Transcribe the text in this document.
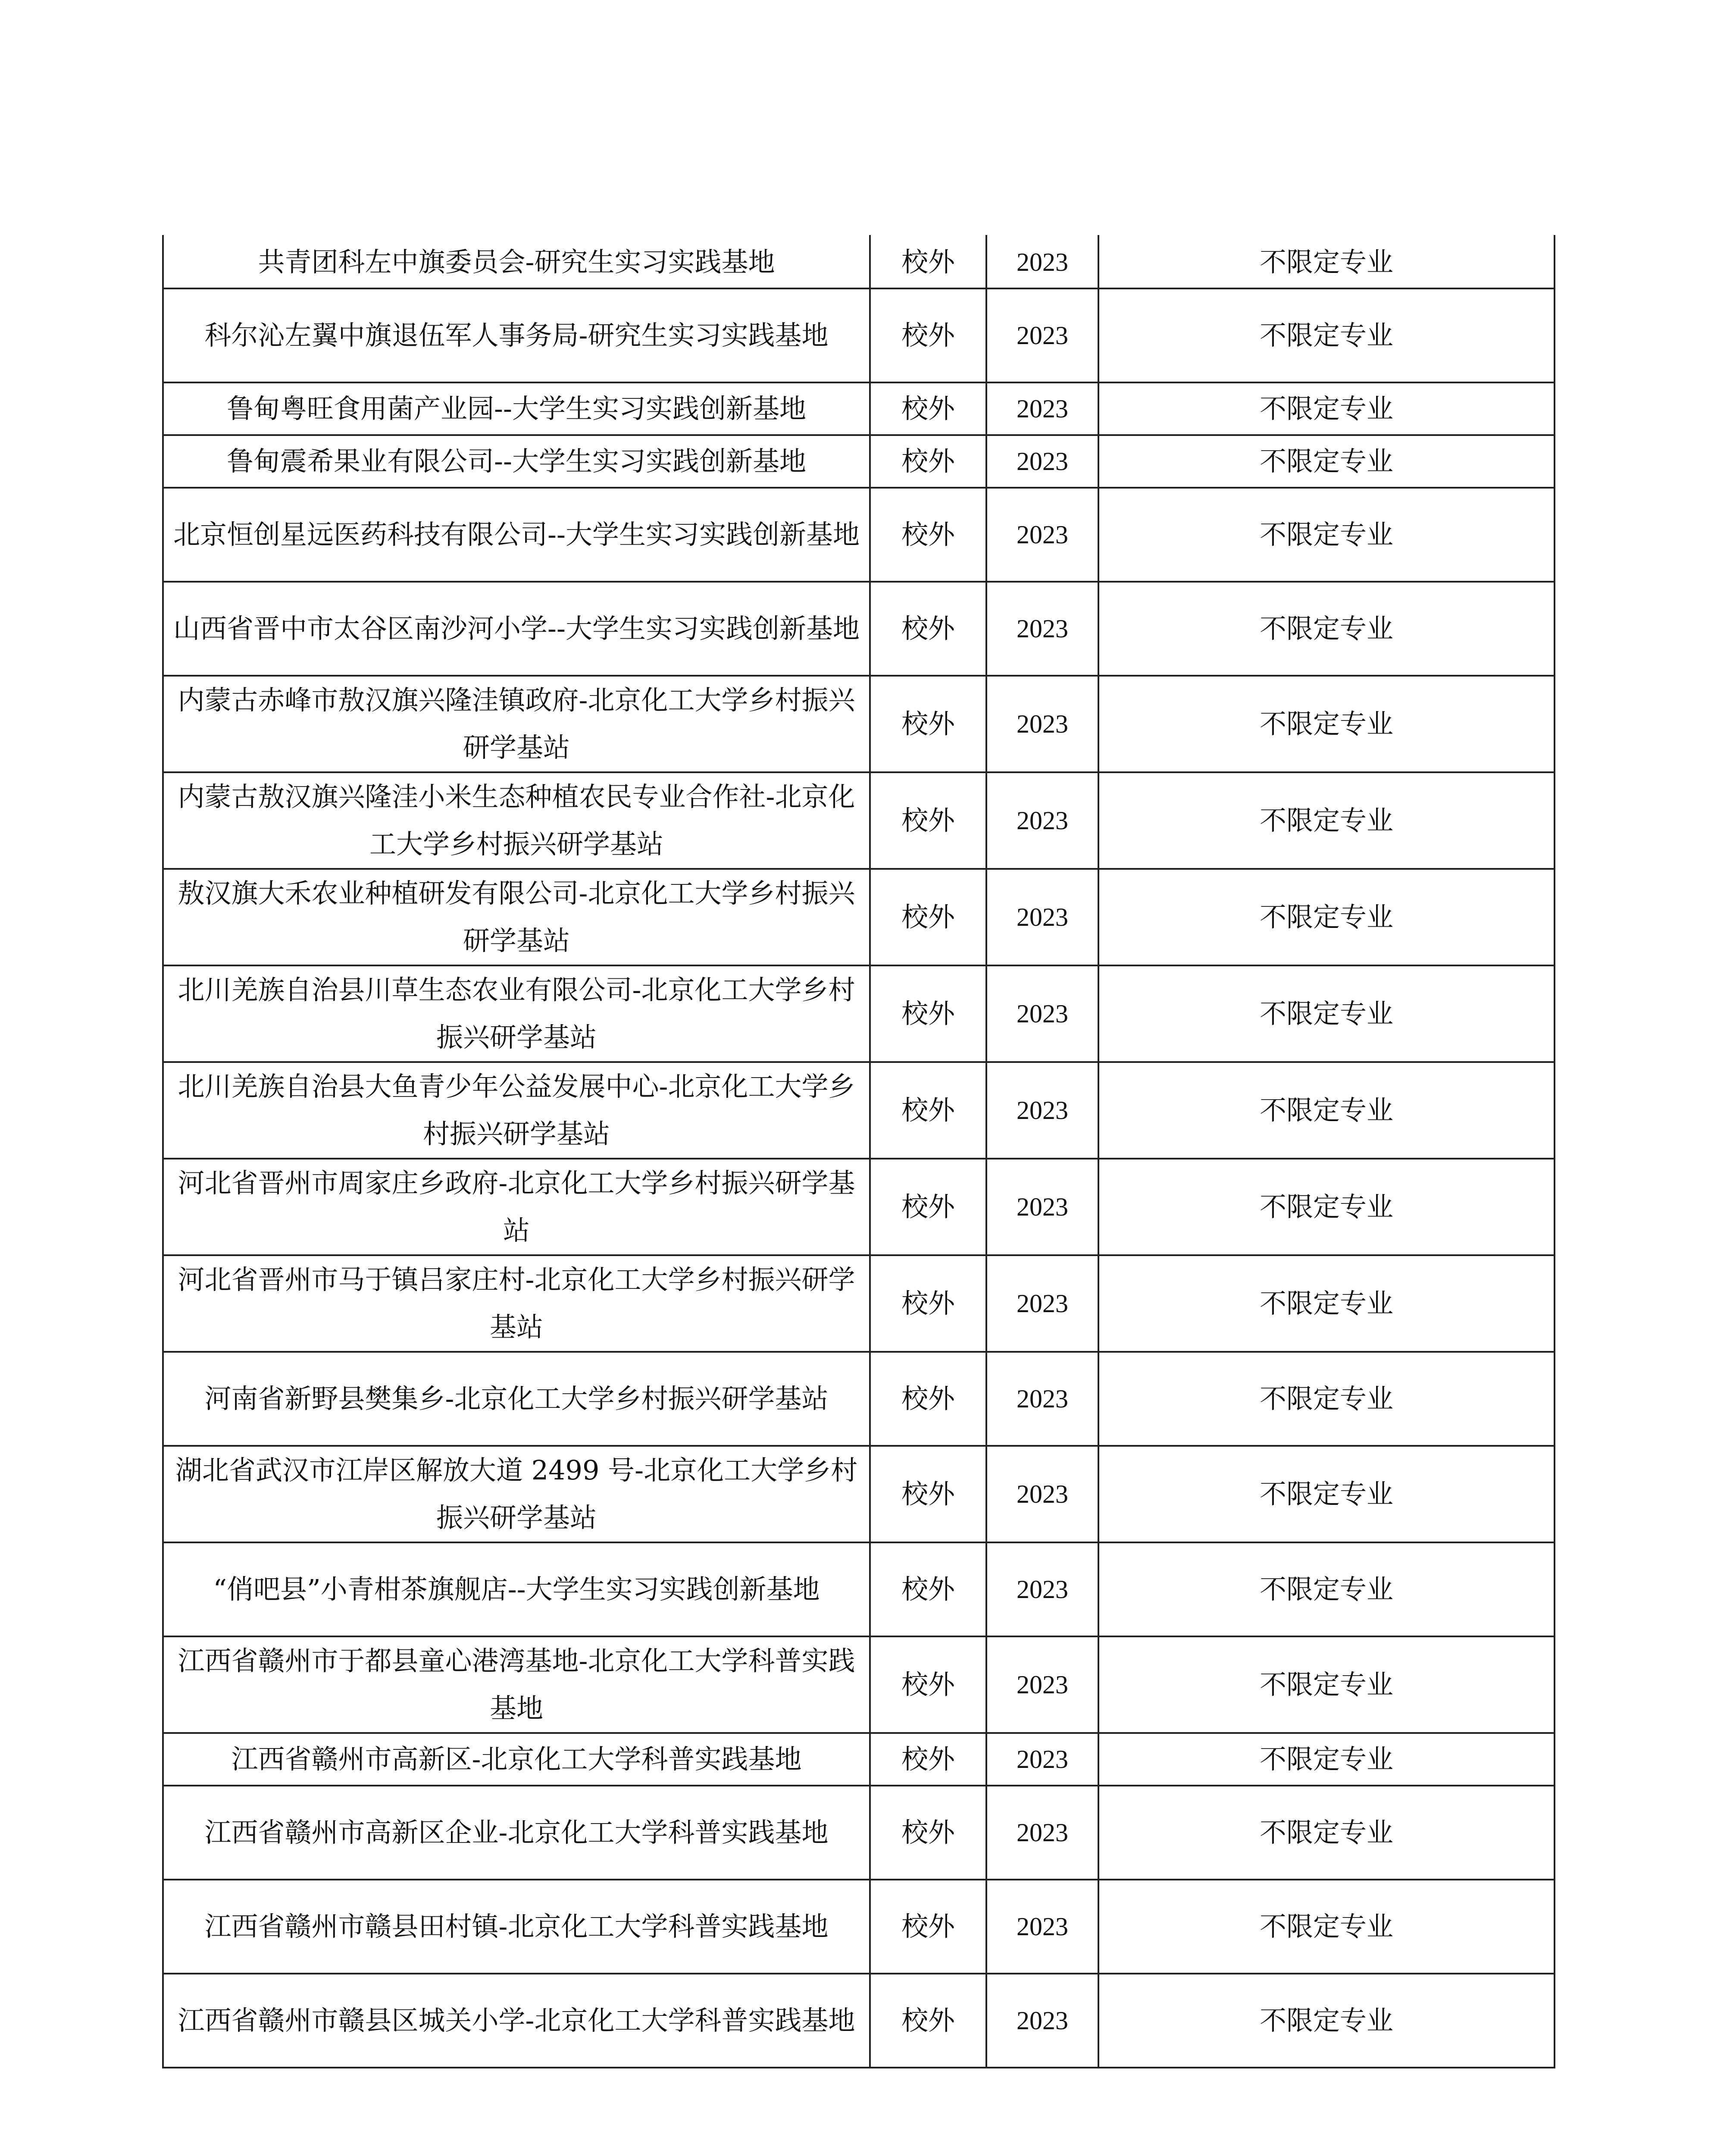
共青团科左中旗委员会-研究生实习实践基地	校外	2023	不限定专业
科尔沁左翼中旗退伍军人事务局-研究生实习实践基地	校外	2023	不限定专业
鲁甸粤旺食用菌产业园--大学生实习实践创新基地	校外	2023	不限定专业
鲁甸震希果业有限公司--大学生实习实践创新基地	校外	2023	不限定专业
北京恒创星远医药科技有限公司--大学生实习实践创新基地	校外	2023	不限定专业
山西省晋中市太谷区南沙河小学--大学生实习实践创新基地	校外	2023	不限定专业
内蒙古赤峰市敖汉旗兴隆洼镇政府-北京化工大学乡村振兴研学基站	校外	2023	不限定专业
内蒙古敖汉旗兴隆洼小米生态种植农民专业合作社-北京化工大学乡村振兴研学基站	校外	2023	不限定专业
敖汉旗大禾农业种植研发有限公司-北京化工大学乡村振兴研学基站	校外	2023	不限定专业
北川羌族自治县川草生态农业有限公司-北京化工大学乡村振兴研学基站	校外	2023	不限定专业
北川羌族自治县大鱼青少年公益发展中心-北京化工大学乡村振兴研学基站	校外	2023	不限定专业
河北省晋州市周家庄乡政府-北京化工大学乡村振兴研学基站	校外	2023	不限定专业
河北省晋州市马于镇吕家庄村-北京化工大学乡村振兴研学基站	校外	2023	不限定专业
河南省新野县樊集乡-北京化工大学乡村振兴研学基站	校外	2023	不限定专业
湖北省武汉市江岸区解放大道 2499 号-北京化工大学乡村振兴研学基站	校外	2023	不限定专业
“俏吧县”小青柑茶旗舰店--大学生实习实践创新基地	校外	2023	不限定专业
江西省赣州市于都县童心港湾基地-北京化工大学科普实践基地	校外	2023	不限定专业
江西省赣州市高新区-北京化工大学科普实践基地	校外	2023	不限定专业
江西省赣州市高新区企业-北京化工大学科普实践基地	校外	2023	不限定专业
江西省赣州市赣县田村镇-北京化工大学科普实践基地	校外	2023	不限定专业
江西省赣州市赣县区城关小学-北京化工大学科普实践基地	校外	2023	不限定专业
